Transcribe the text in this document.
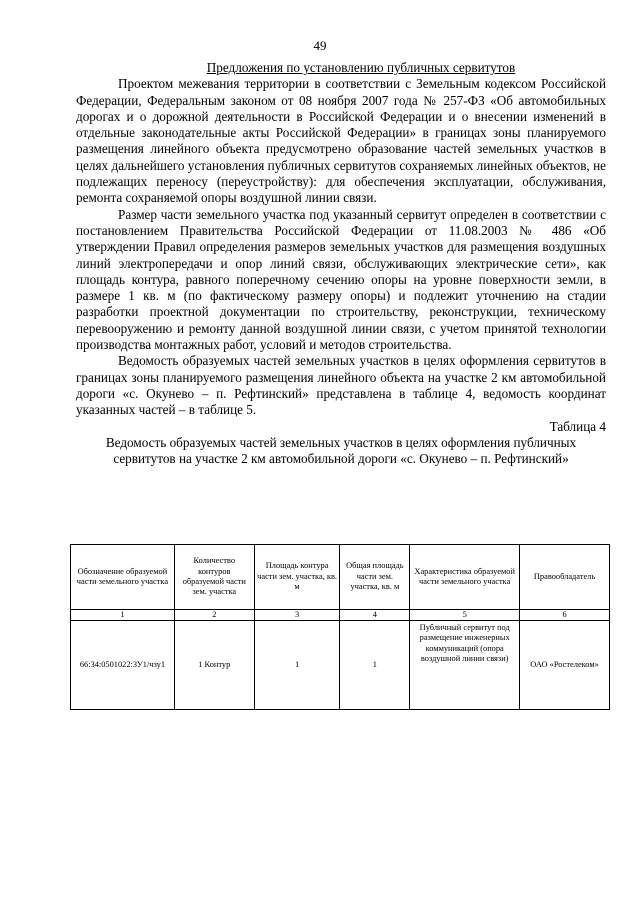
49
Предложения по установлению публичных сервитутов

Проектом межевания территории в соответствии с Земельным кодексом Российской Федерации, Федеральным законом от 08 ноября 2007 года № 257-ФЗ «Об автомобильных дорогах и о дорожной деятельности в Российской Федерации и о внесении изменений в отдельные законодательные акты Российской Федерации» в границах зоны планируемого размещения линейного объекта предусмотрено образование частей земельных участков в целях дальнейшего установления публичных сервитутов сохраняемых линейных объектов, не подлежащих переносу (переустройству): для обеспечения эксплуатации, обслуживания, ремонта сохраняемой опоры воздушной линии связи.

Размер части земельного участка под указанный сервитут определен в соответствии с постановлением Правительства Российской Федерации от 11.08.2003 № 486 «Об утверждении Правил определения размеров земельных участков для размещения воздушных линий электропередачи и опор линий связи, обслуживающих электрические сети», как площадь контура, равного поперечному сечению опоры на уровне поверхности земли, в размере 1 кв. м (по фактическому размеру опоры) и подлежит уточнению на стадии разработки проектной документации по строительству, реконструкции, техническому перевооружению и ремонту данной воздушной линии связи, с учетом принятой технологии производства монтажных работ, условий и методов строительства.

Ведомость образуемых частей земельных участков в целях оформления сервитутов в границах зоны планируемого размещения линейного объекта на участке 2 км автомобильной дороги «с. Окунево – п. Рефтинский» представлена в таблице 4, ведомость координат указанных частей – в таблице 5.

Таблица 4
Ведомость образуемых частей земельных участков в целях оформления публичных сервитутов на участке 2 км автомобильной дороги «с. Окунево – п. Рефтинский»
Обозначение образуемой части земельного участка	Количество контуров образуемой части зем. участка	Площадь контура части зем. участка, кв. м	Общая площадь части зем. участка, кв. м	Характеристика образуемой части земельного участка	Правообладатель
1	2	3	4	5	6
66:34:0501022:ЗУ1/чзу1	1 Контур	1	1	Публичный сервитут под размещение инженерных коммуникаций (опора воздушной линии связи)	ОАО «Ростелеком»
